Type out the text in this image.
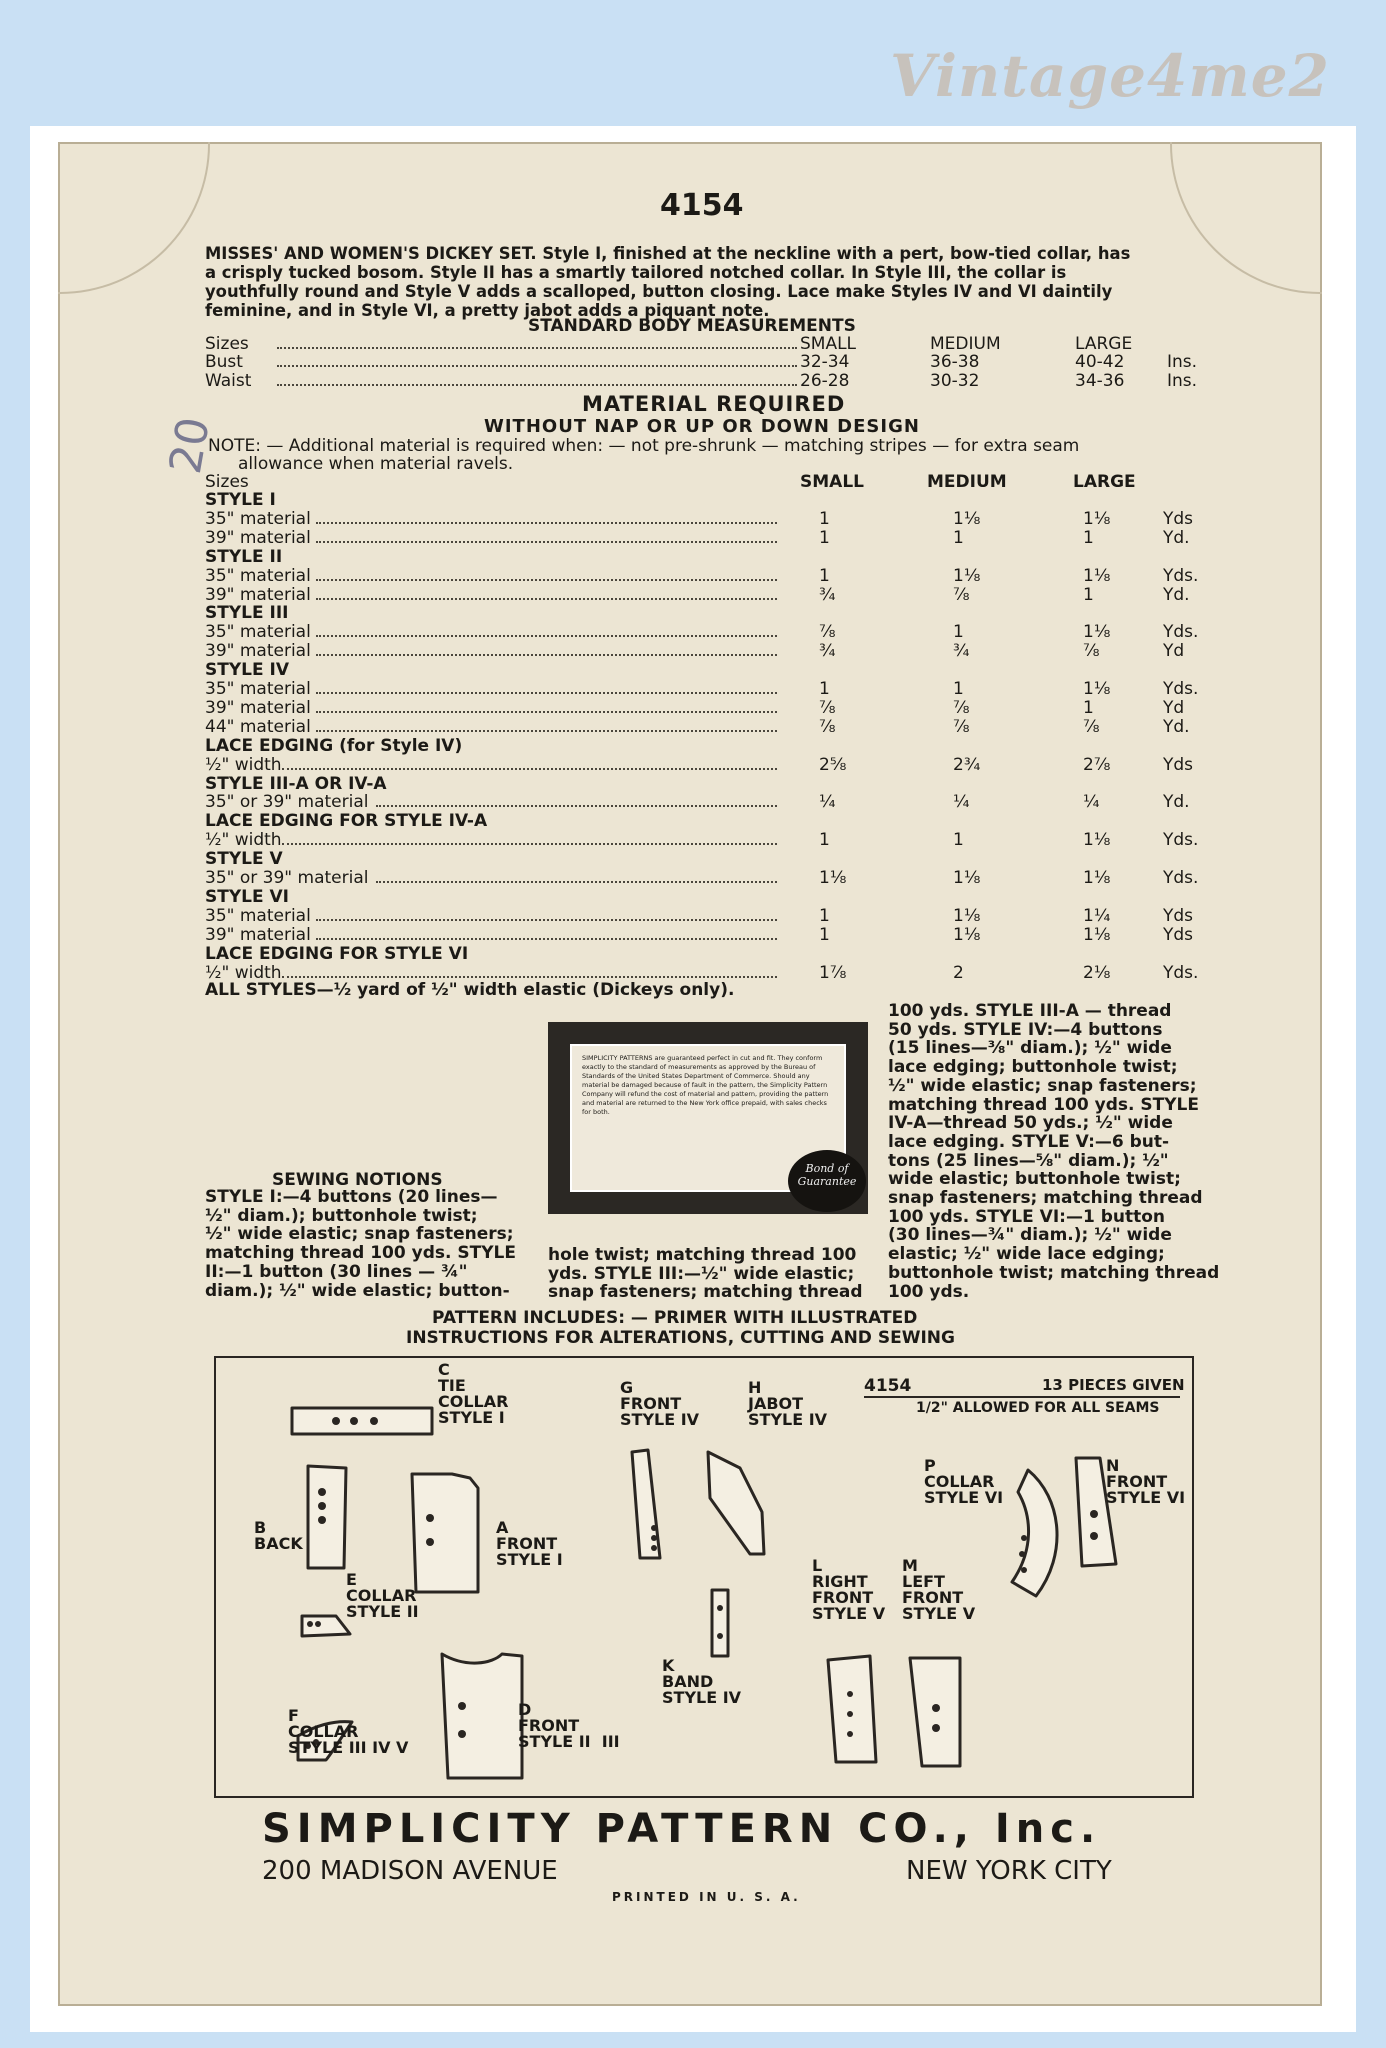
Vintage4me2
4154
MISSES' AND WOMEN'S DICKEY SET. Style I, finished at the neckline with a pert, bow-tied collar, has
a crisply tucked bosom. Style II has a smartly tailored notched collar. In Style III, the collar is
youthfully round and Style V adds a scalloped, button closing. Lace make Styles IV and VI daintily
feminine, and in Style VI, a pretty jabot adds a piquant note.
20
STANDARD BODY MEASUREMENTS
Sizes	SMALL	MEDIUM	LARGE
Bust	32-34	36-38	40-42	Ins.
Waist	26-28	30-32	34-36	Ins.
MATERIAL REQUIRED
WITHOUT NAP OR UP OR DOWN DESIGN
NOTE: — Additional material is required when: — not pre-shrunk — matching stripes — for extra seam
allowance when material ravels.
Sizes	SMALL	MEDIUM	LARGE
STYLE I
35" material	1	1⅛	1⅛	Yds
39" material	1	1	1	Yd.
STYLE II
35" material	1	1⅛	1⅛	Yds.
39" material	¾	⅞	1	Yd.
STYLE III
35" material	⅞	1	1⅛	Yds.
39" material	¾	¾	⅞	Yd
STYLE IV
35" material	1	1	1⅛	Yds.
39" material	⅞	⅞	1	Yd
44" material	⅞	⅞	⅞	Yd.
LACE EDGING (for Style IV)
½" width	2⅝	2¾	2⅞	Yds
STYLE III-A OR IV-A
35" or 39" material	¼	¼	¼	Yd.
LACE EDGING FOR STYLE IV-A
½" width	1	1	1⅛	Yds.
STYLE V
35" or 39" material	1⅛	1⅛	1⅛	Yds.
STYLE VI
35" material	1	1⅛	1¼	Yds
39" material	1	1⅛	1⅛	Yds
LACE EDGING FOR STYLE VI
½" width	1⅞	2	2⅛	Yds.
ALL STYLES—½ yard of ½" width elastic (Dickeys only).
SIMPLICITY PATTERNS are guaranteed perfect in cut and fit. They conform exactly to the standard of measurements as approved by the Bureau of Standards of the United States Department of Commerce. Should any material be damaged because of fault in the pattern, the Simplicity Pattern Company will refund the cost of material and pattern, providing the pattern and material are returned to the New York office prepaid, with sales checks for both.
Bond of Guarantee
SEWING NOTIONS
STYLE I:—4 buttons (20 lines—
½" diam.); buttonhole twist;
½" wide elastic; snap fasteners;
matching thread 100 yds. STYLE
II:—1 button (30 lines — ¾"
diam.); ½" wide elastic; button-
hole twist; matching thread 100
yds. STYLE III:—½" wide elastic;
snap fasteners; matching thread
100 yds. STYLE III-A — thread
50 yds. STYLE IV:—4 buttons
(15 lines—⅜" diam.); ½" wide
lace edging; buttonhole twist;
½" wide elastic; snap fasteners;
matching thread 100 yds. STYLE
IV-A—thread 50 yds.; ½" wide
lace edging. STYLE V:—6 but-
tons (25 lines—⅝" diam.); ½"
wide elastic; buttonhole twist;
snap fasteners; matching thread
100 yds. STYLE VI:—1 button
(30 lines—¾" diam.); ½" wide
elastic; ½" wide lace edging;
buttonhole twist; matching thread
100 yds.
PATTERN INCLUDES: — PRIMER WITH ILLUSTRATED
INSTRUCTIONS FOR ALTERATIONS, CUTTING AND SEWING
4154	13 PIECES GIVEN
1/2" ALLOWED FOR ALL SEAMS
C
TIE
COLLAR
STYLE I
B
BACK
A
FRONT
STYLE I
E
COLLAR
STYLE II
F
COLLAR
STYLE III IV V
D
FRONT
STYLE II  III
G
FRONT
STYLE IV
H
JABOT
STYLE IV
K
BAND
STYLE IV
L
RIGHT
FRONT
STYLE V
M
LEFT
FRONT
STYLE V
P
COLLAR
STYLE VI
N
FRONT
STYLE VI
SIMPLICITY PATTERN CO., Inc.
200 MADISON AVENUE	NEW YORK CITY
PRINTED IN U. S. A.
